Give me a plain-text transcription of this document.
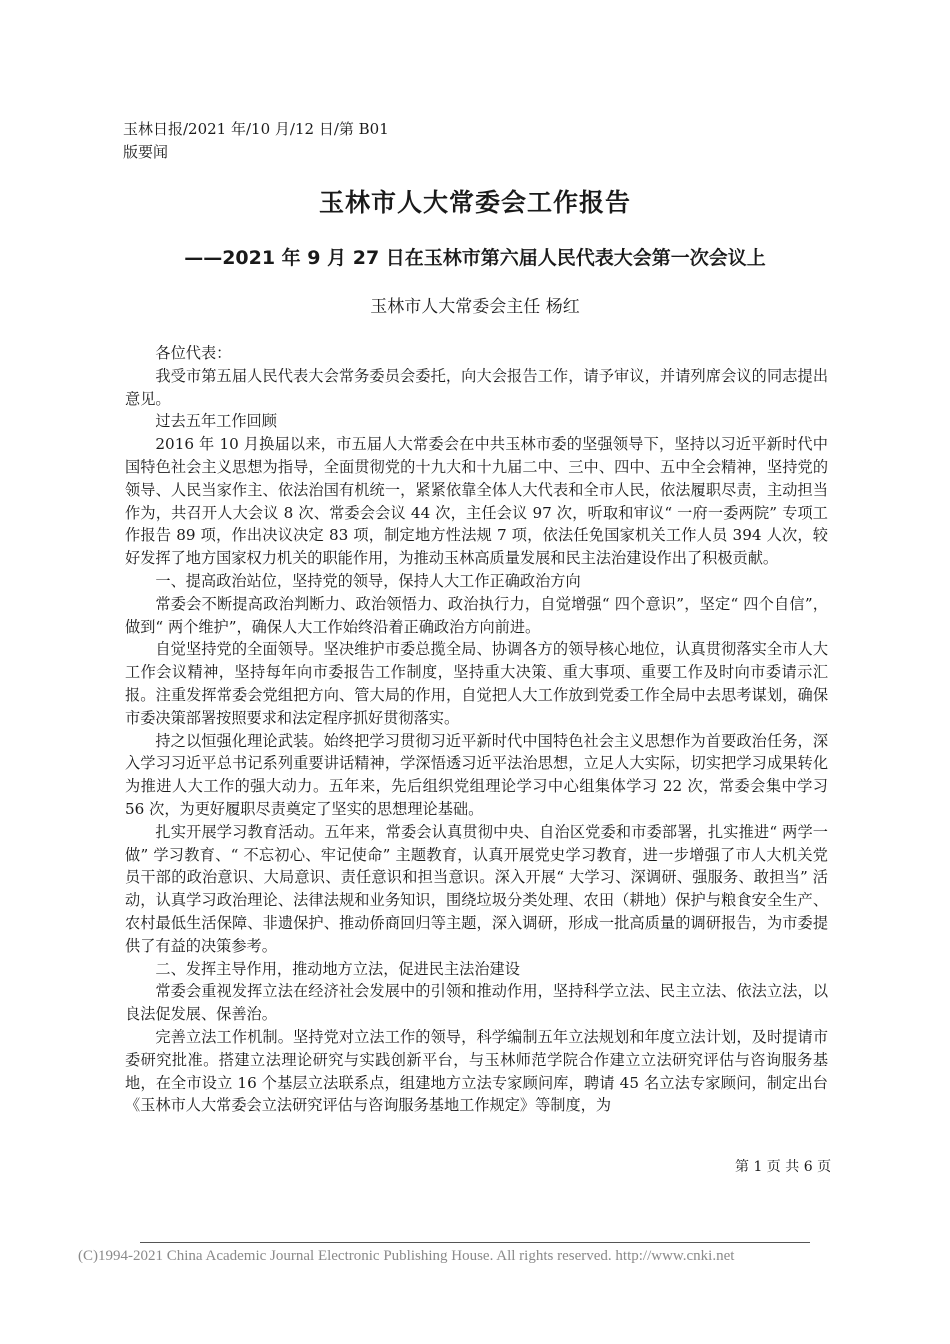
玉林日报/2021 年/10 月/12 日/第 B01
版要闻
玉林市人大常委会工作报告
——2021 年 9 月 27 日在玉林市第六届人民代表大会第一次会议上
玉林市人大常委会主任 杨红

各位代表：

我受市第五届人民代表大会常务委员会委托，向大会报告工作，请予审议，并请列席会议的同志提出意见。

过去五年工作回顾

2016 年 10 月换届以来，市五届人大常委会在中共玉林市委的坚强领导下，坚持以习近平新时代中国特色社会主义思想为指导，全面贯彻党的十九大和十九届二中、三中、四中、五中全会精神，坚持党的领导、人民当家作主、依法治国有机统一，紧紧依靠全体人大代表和全市人民，依法履职尽责，主动担当作为，共召开人大会议 8 次、常委会会议 44 次，主任会议 97 次，听取和审议“ 一府一委两院” 专项工作报告 89 项，作出决议决定 83 项，制定地方性法规 7 项，依法任免国家机关工作人员 394 人次，较好发挥了地方国家权力机关的职能作用，为推动玉林高质量发展和民主法治建设作出了积极贡献。

一、提高政治站位，坚持党的领导，保持人大工作正确政治方向

常委会不断提高政治判断力、政治领悟力、政治执行力，自觉增强“ 四个意识”，坚定“ 四个自信”，做到“ 两个维护”，确保人大工作始终沿着正确政治方向前进。

自觉坚持党的全面领导。坚决维护市委总揽全局、协调各方的领导核心地位，认真贯彻落实全市人大工作会议精神，坚持每年向市委报告工作制度，坚持重大决策、重大事项、重要工作及时向市委请示汇报。注重发挥常委会党组把方向、管大局的作用，自觉把人大工作放到党委工作全局中去思考谋划，确保市委决策部署按照要求和法定程序抓好贯彻落实。

持之以恒强化理论武装。始终把学习贯彻习近平新时代中国特色社会主义思想作为首要政治任务，深入学习习近平总书记系列重要讲话精神，学深悟透习近平法治思想，立足人大实际，切实把学习成果转化为推进人大工作的强大动力。五年来，先后组织党组理论学习中心组集体学习 22 次，常委会集中学习 56 次，为更好履职尽责奠定了坚实的思想理论基础。

扎实开展学习教育活动。五年来，常委会认真贯彻中央、自治区党委和市委部署，扎实推进“ 两学一做” 学习教育、“ 不忘初心、牢记使命” 主题教育，认真开展党史学习教育，进一步增强了市人大机关党员干部的政治意识、大局意识、责任意识和担当意识。深入开展“ 大学习、深调研、强服务、敢担当” 活动，认真学习政治理论、法律法规和业务知识，围绕垃圾分类处理、农田（耕地）保护与粮食安全生产、农村最低生活保障、非遗保护、推动侨商回归等主题，深入调研，形成一批高质量的调研报告，为市委提供了有益的决策参考。

二、发挥主导作用，推动地方立法，促进民主法治建设

常委会重视发挥立法在经济社会发展中的引领和推动作用，坚持科学立法、民主立法、依法立法，以良法促发展、保善治。

完善立法工作机制。坚持党对立法工作的领导，科学编制五年立法规划和年度立法计划，及时提请市委研究批准。搭建立法理论研究与实践创新平台，与玉林师范学院合作建立立法研究评估与咨询服务基地，在全市设立 16 个基层立法联系点，组建地方立法专家顾问库，聘请 45 名立法专家顾问，制定出台《玉林市人大常委会立法研究评估与咨询服务基地工作规定》等制度，为

第 1 页 共 6 页
(C)1994-2021 China Academic Journal Electronic Publishing House. All rights reserved. http://www.cnki.net
